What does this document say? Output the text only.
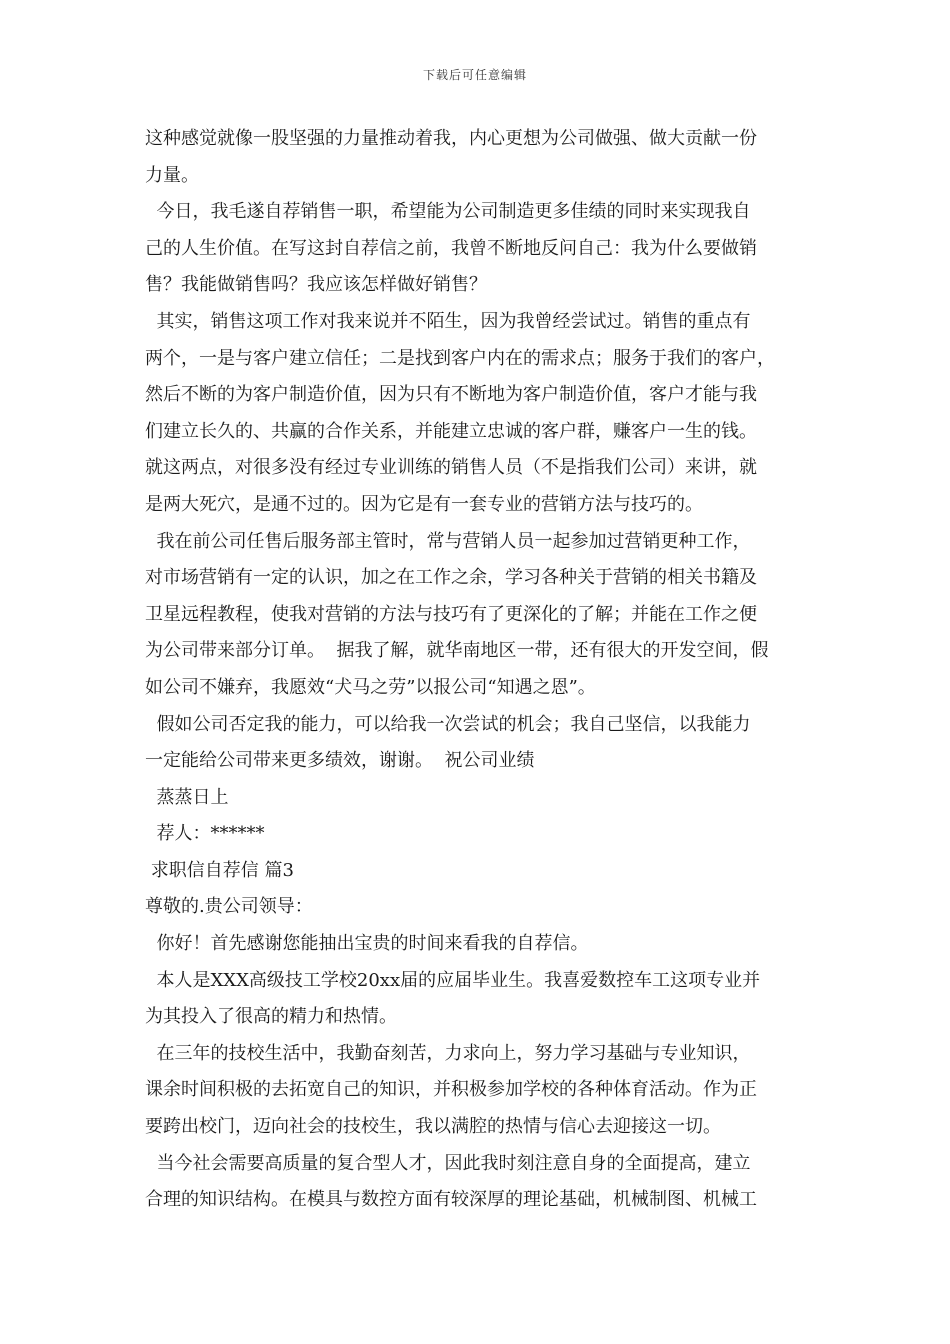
下载后可任意编辑
这种感觉就像一股坚强的力量推动着我，内心更想为公司做强、做大贡献一份
力量。
今日，我毛遂自荐销售一职，希望能为公司制造更多佳绩的同时来实现我自
己的人生价值。在写这封自荐信之前，我曾不断地反问自己：我为什么要做销
售？我能做销售吗？我应该怎样做好销售？
其实，销售这项工作对我来说并不陌生，因为我曾经尝试过。销售的重点有
两个，一是与客户建立信任；二是找到客户内在的需求点；服务于我们的客户，
然后不断的为客户制造价值，因为只有不断地为客户制造价值，客户才能与我
们建立长久的、共赢的合作关系，并能建立忠诚的客户群，赚客户一生的钱。
就这两点，对很多没有经过专业训练的销售人员（不是指我们公司）来讲，就
是两大死穴，是通不过的。因为它是有一套专业的营销方法与技巧的。
我在前公司任售后服务部主管时，常与营销人员一起参加过营销更种工作，
对市场营销有一定的认识，加之在工作之余，学习各种关于营销的相关书籍及
卫星远程教程，使我对营销的方法与技巧有了更深化的了解；并能在工作之便
为公司带来部分订单。  据我了解，就华南地区一带，还有很大的开发空间，假
如公司不嫌弃，我愿效“犬马之劳”以报公司“知遇之恩”。
假如公司否定我的能力，可以给我一次尝试的机会；我自己坚信，以我能力
一定能给公司带来更多绩效，谢谢。  祝公司业绩
蒸蒸日上
荐人：******
求职信自荐信 篇3
尊敬的.贵公司领导：
你好！首先感谢您能抽出宝贵的时间来看我的自荐信。
本人是XXX高级技工学校20xx届的应届毕业生。我喜爱数控车工这项专业并
为其投入了很高的精力和热情。
在三年的技校生活中，我勤奋刻苦，力求向上，努力学习基础与专业知识，
课余时间积极的去拓宽自己的知识，并积极参加学校的各种体育活动。作为正
要跨出校门，迈向社会的技校生，我以满腔的热情与信心去迎接这一切。
当今社会需要高质量的复合型人才，因此我时刻注意自身的全面提高，建立
合理的知识结构。在模具与数控方面有较深厚的理论基础，机械制图、机械工
